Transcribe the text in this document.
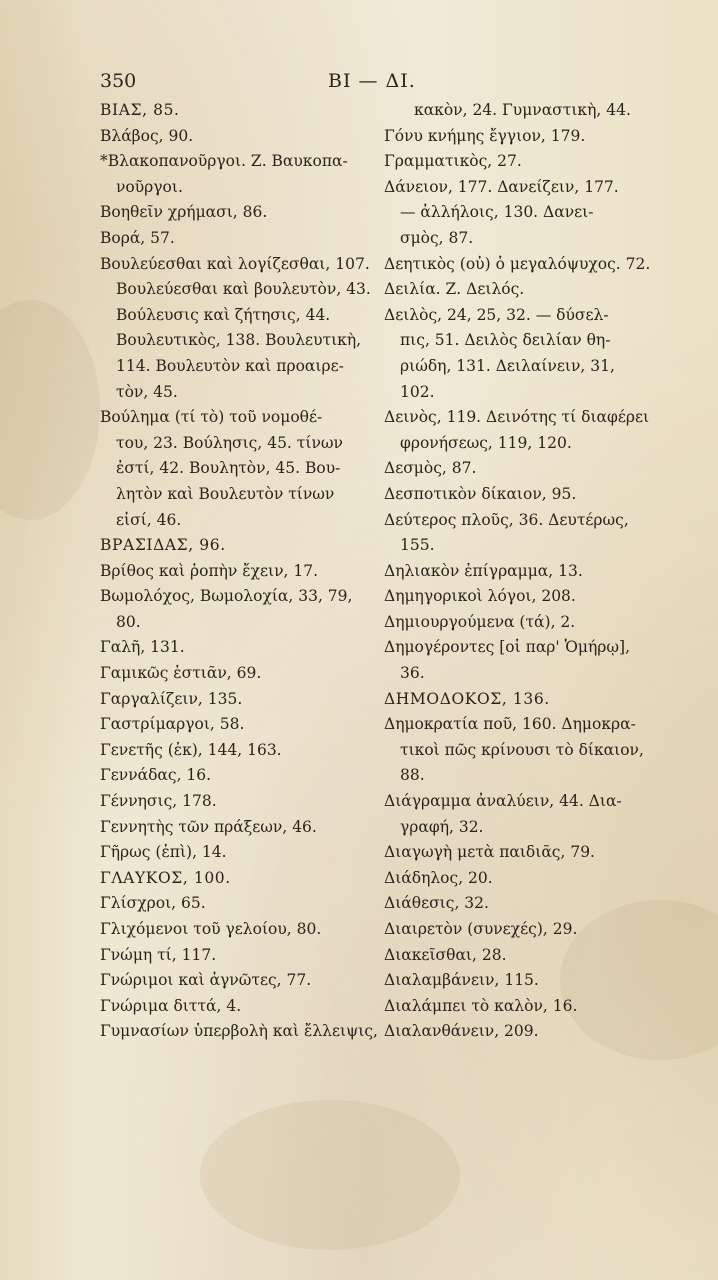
350	ΒΙ — ΔΙ.
ΒΙΑΣ, 85.
Βλάβος, 90.
*Βλακοπανοῦργοι. Ζ. Βαυκοπα-
νοῦργοι.
Βοηθεῖν χρήμασι, 86.
Βορά, 57.
Βουλεύεσθαι καὶ λογίζεσθαι, 107.
Βουλεύεσθαι καὶ βουλευτὸν, 43.
Βούλευσις καὶ ζήτησις, 44.
Βουλευτικὸς, 138. Βουλευτικὴ,
114. Βουλευτὸν καὶ προαιρε-
τὸν, 45.
Βούλημα (τί τὸ) τοῦ νομοθέ-
του, 23. Βούλησις, 45. τίνων
ἐστί, 42. Βουλητὸν, 45. Βου-
λητὸν καὶ Βουλευτὸν τίνων
εἰσί, 46.
ΒΡΑΣΙΔΑΣ, 96.
Βρίθος καὶ ῥοπὴν ἔχειν, 17.
Βωμολόχος, Βωμολοχία, 33, 79,
80.
Γαλῆ, 131.
Γαμικῶς ἑστιᾶν, 69.
Γαργαλίζειν, 135.
Γαστρίμαργοι, 58.
Γενετῆς (ἐκ), 144, 163.
Γεννάδας, 16.
Γέννησις, 178.
Γεννητὴς τῶν πράξεων, 46.
Γῆρως (ἐπὶ), 14.
ΓΛΑΥΚΟΣ, 100.
Γλίσχροι, 65.
Γλιχόμενοι τοῦ γελοίου, 80.
Γνώμη τί, 117.
Γνώριμοι καὶ ἀγνῶτες, 77.
Γνώριμα διττά, 4.
Γυμνασίων ὑπερβολὴ καὶ ἔλλειψις,
κακὸν, 24. Γυμναστικὴ, 44.
Γόνυ κνήμης ἔγγιον, 179.
Γραμματικὸς, 27.
Δάνειον, 177. Δανείζειν, 177.
— ἀλλήλοις, 130. Δανει-
σμὸς, 87.
Δεητικὸς (οὐ) ὁ μεγαλόψυχος. 72.
Δειλία. Ζ. Δειλός.
Δειλὸς, 24, 25, 32. — δύσελ-
πις, 51. Δειλὸς δειλίαν θη-
ριώδη, 131. Δειλαίνειν, 31,
102.
Δεινὸς, 119. Δεινότης τί διαφέρει
φρονήσεως, 119, 120.
Δεσμὸς, 87.
Δεσποτικὸν δίκαιον, 95.
Δεύτερος πλοῦς, 36. Δευτέρως,
155.
Δηλιακὸν ἐπίγραμμα, 13.
Δημηγορικοὶ λόγοι, 208.
Δημιουργούμενα (τά), 2.
Δημογέροντες [οἱ παρ' Ὁμήρῳ],
36.
ΔΗΜΟΔΟΚΟΣ, 136.
Δημοκρατία ποῦ, 160. Δημοκρα-
τικοὶ πῶς κρίνουσι τὸ δίκαιον,
88.
Διάγραμμα ἀναλύειν, 44. Δια-
γραφή, 32.
Διαγωγὴ μετὰ παιδιᾶς, 79.
Διάδηλος, 20.
Διάθεσις, 32.
Διαιρετὸν (συνεχές), 29.
Διακεῖσθαι, 28.
Διαλαμβάνειν, 115.
Διαλάμπει τὸ καλὸν, 16.
Διαλανθάνειν, 209.
